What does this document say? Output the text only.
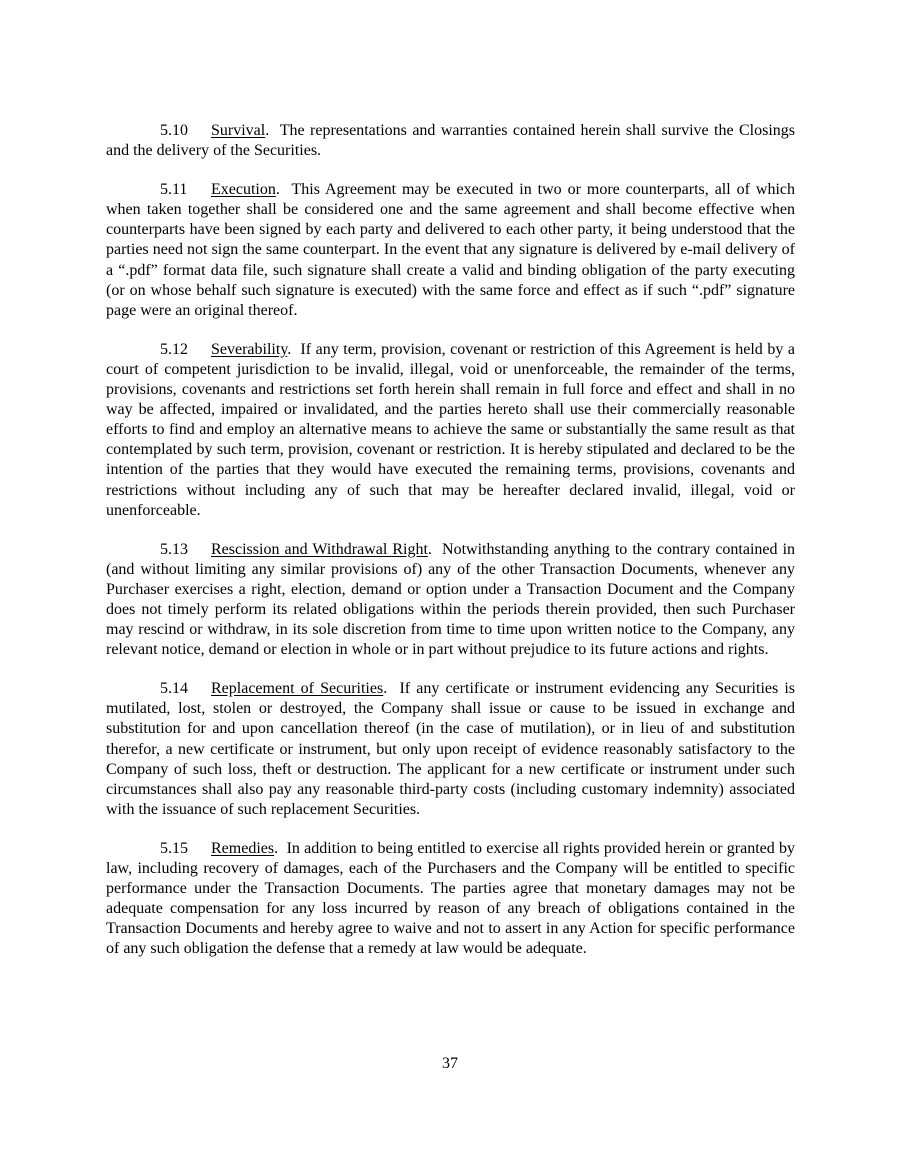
5.10 Survival.  The representations and warranties contained herein shall survive the Closings and the delivery of the Securities.

5.11 Execution.  This Agreement may be executed in two or more counterparts, all of which when taken together shall be considered one and the same agreement and shall become effective when counterparts have been signed by each party and delivered to each other party, it being understood that the parties need not sign the same counterpart. In the event that any signature is delivered by e-mail delivery of a “.pdf” format data file, such signature shall create a valid and binding obligation of the party executing (or on whose behalf such signature is executed) with the same force and effect as if such “.pdf” signature page were an original thereof.

5.12 Severability.  If any term, provision, covenant or restriction of this Agreement is held by a court of competent jurisdiction to be invalid, illegal, void or unenforceable, the remainder of the terms, provisions, covenants and restrictions set forth herein shall remain in full force and effect and shall in no way be affected, impaired or invalidated, and the parties hereto shall use their commercially reasonable efforts to find and employ an alternative means to achieve the same or substantially the same result as that contemplated by such term, provision, covenant or restriction. It is hereby stipulated and declared to be the intention of the parties that they would have executed the remaining terms, provisions, covenants and restrictions without including any of such that may be hereafter declared invalid, illegal, void or unenforceable.

5.13 Rescission and Withdrawal Right.  Notwithstanding anything to the contrary contained in (and without limiting any similar provisions of) any of the other Transaction Documents, whenever any Purchaser exercises a right, election, demand or option under a Transaction Document and the Company does not timely perform its related obligations within the periods therein provided, then such Purchaser may rescind or withdraw, in its sole discretion from time to time upon written notice to the Company, any relevant notice, demand or election in whole or in part without prejudice to its future actions and rights.

5.14 Replacement of Securities.  If any certificate or instrument evidencing any Securities is mutilated, lost, stolen or destroyed, the Company shall issue or cause to be issued in exchange and substitution for and upon cancellation thereof (in the case of mutilation), or in lieu of and substitution therefor, a new certificate or instrument, but only upon receipt of evidence reasonably satisfactory to the Company of such loss, theft or destruction. The applicant for a new certificate or instrument under such circumstances shall also pay any reasonable third-party costs (including customary indemnity) associated with the issuance of such replacement Securities.

5.15 Remedies.  In addition to being entitled to exercise all rights provided herein or granted by law, including recovery of damages, each of the Purchasers and the Company will be entitled to specific performance under the Transaction Documents. The parties agree that monetary damages may not be adequate compensation for any loss incurred by reason of any breach of obligations contained in the Transaction Documents and hereby agree to waive and not to assert in any Action for specific performance of any such obligation the defense that a remedy at law would be adequate.

37
